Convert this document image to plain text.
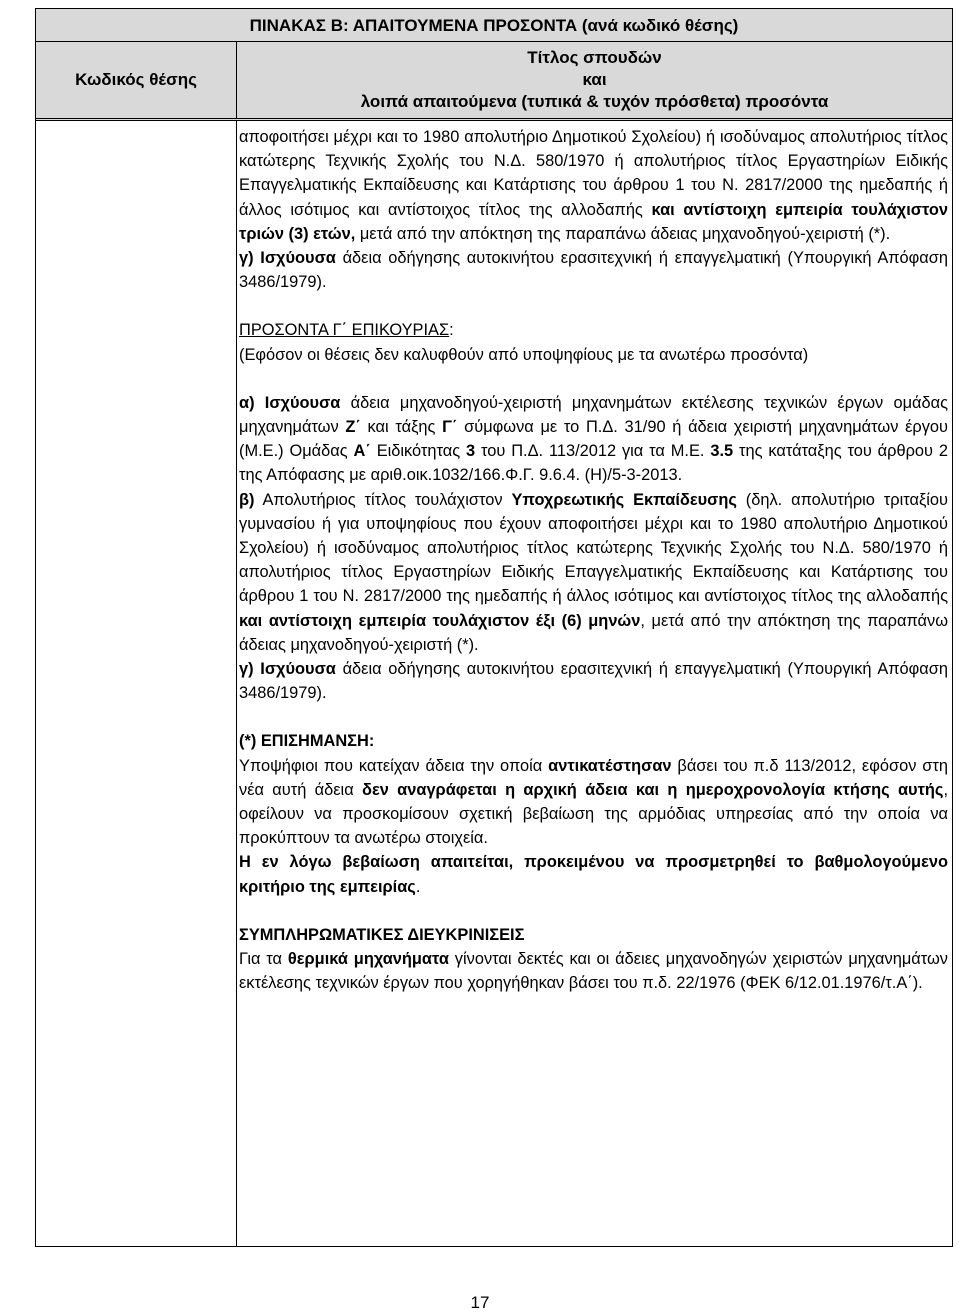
ΠΙΝΑΚΑΣ Β: ΑΠΑΙΤΟΥΜΕΝΑ ΠΡΟΣΟΝΤΑ (ανά κωδικό θέσης)
Κωδικός θέσης
Τίτλος σπουδών
και
λοιπά απαιτούμενα (τυπικά & τυχόν πρόσθετα) προσόντα

αποφοιτήσει μέχρι και το 1980 απολυτήριο Δημοτικού Σχολείου) ή ισοδύναμος απολυτήριος τίτλος κατώτερης Τεχνικής Σχολής του Ν.Δ. 580/1970 ή απολυτήριος τίτλος Εργαστηρίων Ειδικής Επαγγελματικής Εκπαίδευσης και Κατάρτισης του άρθρου 1 του Ν. 2817/2000 της ημεδαπής ή άλλος ισότιμος και αντίστοιχος τίτλος της αλλοδαπής και αντίστοιχη εμπειρία τουλάχιστον τριών (3) ετών, μετά από την απόκτηση της παραπάνω άδειας μηχανοδηγού-χειριστή (*).

γ) Ισχύουσα άδεια οδήγησης αυτοκινήτου ερασιτεχνική ή επαγγελματική (Υπουργική Απόφαση 3486/1979).

ΠΡΟΣΟΝΤΑ Γ΄ ΕΠΙΚΟΥΡΙΑΣ:

(Εφόσον οι θέσεις δεν καλυφθούν από υποψηφίους με τα ανωτέρω προσόντα)

α) Ισχύουσα άδεια μηχανοδηγού-χειριστή μηχανημάτων εκτέλεσης τεχνικών έργων ομάδας μηχανημάτων Ζ΄ και τάξης Γ΄ σύμφωνα με το Π.Δ. 31/90 ή άδεια χειριστή μηχανημάτων έργου (Μ.Ε.) Ομάδας Α΄ Ειδικότητας 3 του Π.Δ. 113/2012 για τα Μ.Ε. 3.5 της κατάταξης του άρθρου 2 της Απόφασης με αριθ.οικ.1032/166.Φ.Γ. 9.6.4. (Η)/5-3-2013.

β) Απολυτήριος τίτλος τουλάχιστον Υποχρεωτικής Εκπαίδευσης (δηλ. απολυτήριο τριταξίου γυμνασίου ή για υποψηφίους που έχουν αποφοιτήσει μέχρι και το 1980 απολυτήριο Δημοτικού Σχολείου) ή ισοδύναμος απολυτήριος τίτλος κατώτερης Τεχνικής Σχολής του Ν.Δ. 580/1970 ή απολυτήριος τίτλος Εργαστηρίων Ειδικής Επαγγελματικής Εκπαίδευσης και Κατάρτισης του άρθρου 1 του Ν. 2817/2000 της ημεδαπής ή άλλος ισότιμος και αντίστοιχος τίτλος της αλλοδαπής και αντίστοιχη εμπειρία τουλάχιστον έξι (6) μηνών, μετά από την απόκτηση της παραπάνω άδειας μηχανοδηγού-χειριστή (*).

γ) Ισχύουσα άδεια οδήγησης αυτοκινήτου ερασιτεχνική ή επαγγελματική (Υπουργική Απόφαση 3486/1979).

(*) ΕΠΙΣΗΜΑΝΣΗ:

Υποψήφιοι που κατείχαν άδεια την οποία αντικατέστησαν βάσει του π.δ 113/2012, εφόσον στη νέα αυτή άδεια δεν αναγράφεται η αρχική άδεια και η ημερoχρονολογία κτήσης αυτής, οφείλουν να προσκομίσουν σχετική βεβαίωση της αρμόδιας υπηρεσίας από την οποία να προκύπτουν τα ανωτέρω στοιχεία.

Η εν λόγω βεβαίωση απαιτείται, προκειμένου να προσμετρηθεί το βαθμολογούμενο κριτήριο της εμπειρίας.

ΣΥΜΠΛΗΡΩΜΑΤΙΚΕΣ ΔΙΕΥΚΡΙΝΙΣΕΙΣ

Για τα θερμικά μηχανήματα γίνονται δεκτές και οι άδειες μηχανοδηγών χειριστών μηχανημάτων εκτέλεσης τεχνικών έργων που χορηγήθηκαν βάσει του π.δ. 22/1976 (ΦΕΚ 6/12.01.1976/τ.Α΄).

17
